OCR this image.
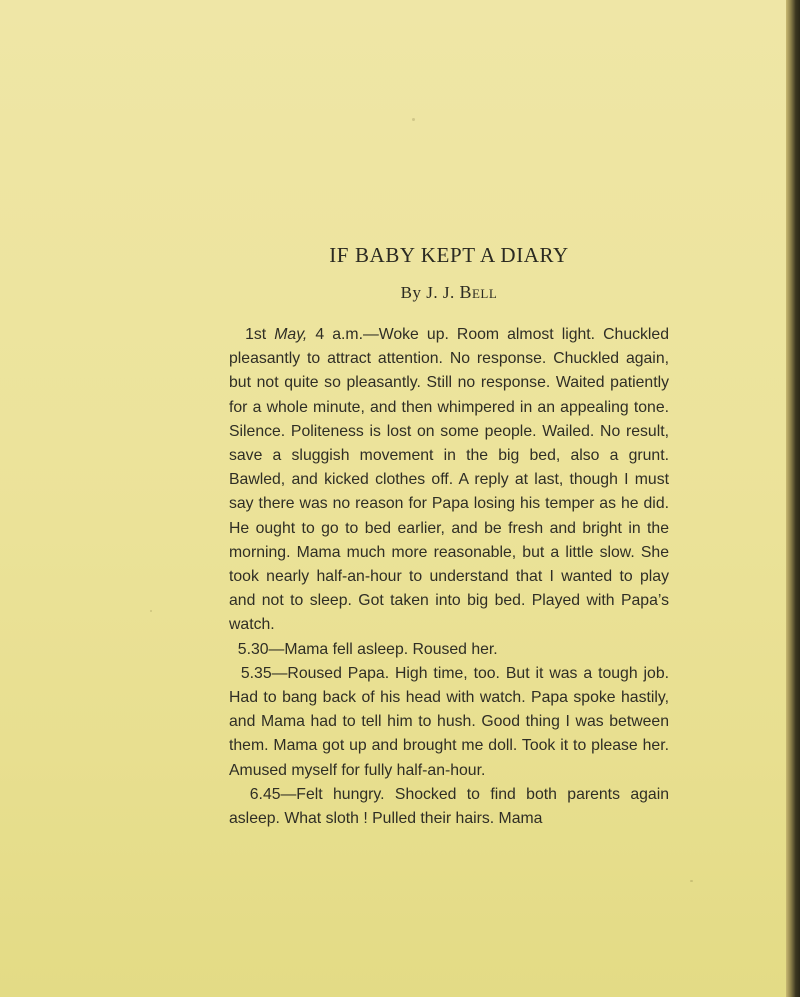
IF BABY KEPT A DIARY
By J. J. Bell

1st May, 4 a.m.—Woke up. Room almost light. Chuckled pleasantly to attract attention. No response. Chuckled again, but not quite so pleasantly. Still no response. Waited patiently for a whole minute, and then whimpered in an appealing tone. Silence. Politeness is lost on some people. Wailed. No result, save a sluggish movement in the big bed, also a grunt. Bawled, and kicked clothes off. A reply at last, though I must say there was no reason for Papa losing his temper as he did. He ought to go to bed earlier, and be fresh and bright in the morning. Mama much more reasonable, but a little slow. She took nearly half-an-hour to understand that I wanted to play and not to sleep. Got taken into big bed. Played with Papa’s watch.

5.30—Mama fell asleep. Roused her.

5.35—Roused Papa. High time, too. But it was a tough job. Had to bang back of his head with watch. Papa spoke hastily, and Mama had to tell him to hush. Good thing I was between them. Mama got up and brought me doll. Took it to please her. Amused myself for fully half-an-hour.

6.45—Felt hungry. Shocked to find both parents again asleep. What sloth ! Pulled their hairs. Mama
